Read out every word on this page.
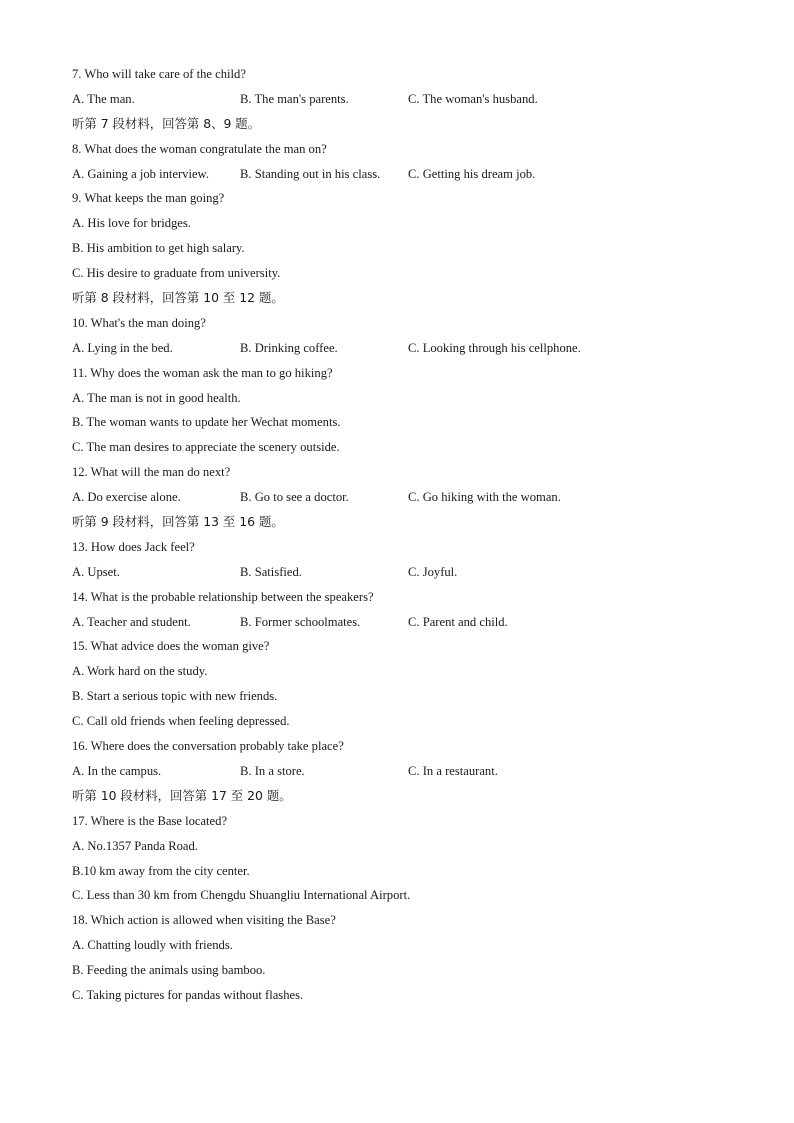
7. Who will take care of the child?
A. The man.	B. The man's parents.	C. The woman's husband.
听第 7 段材料，回答第 8、9 题。
8. What does the woman congratulate the man on?
A. Gaining a job interview. B. Standing out in his class. C. Getting his dream job.
9. What keeps the man going?
A. His love for bridges.
B. His ambition to get high salary.
C. His desire to graduate from university.
听第 8 段材料，回答第 10 至 12 题。
10. What's the man doing?
A. Lying in the bed.	B. Drinking coffee.	C. Looking through his cellphone.
11. Why does the woman ask the man to go hiking?
A. The man is not in good health.
B. The woman wants to update her Wechat moments.
C. The man desires to appreciate the scenery outside.
12. What will the man do next?
A. Do exercise alone.	B. Go to see a doctor.	C. Go hiking with the woman.
听第 9 段材料，回答第 13 至 16 题。
13. How does Jack feel?
A. Upset.	B. Satisfied.	C. Joyful.
14. What is the probable relationship between the speakers?
A. Teacher and student.	B. Former schoolmates.	C. Parent and child.
15. What advice does the woman give?
A. Work hard on the study.
B. Start a serious topic with new friends.
C. Call old friends when feeling depressed.
16. Where does the conversation probably take place?
A. In the campus.	B. In a store.	C. In a restaurant.
听第 10 段材料，回答第 17 至 20 题。
17. Where is the Base located?
A. No.1357 Panda Road.
B.10 km away from the city center.
C. Less than 30 km from Chengdu Shuangliu International Airport.
18. Which action is allowed when visiting the Base?
A. Chatting loudly with friends.
B. Feeding the animals using bamboo.
C. Taking pictures for pandas without flashes.
